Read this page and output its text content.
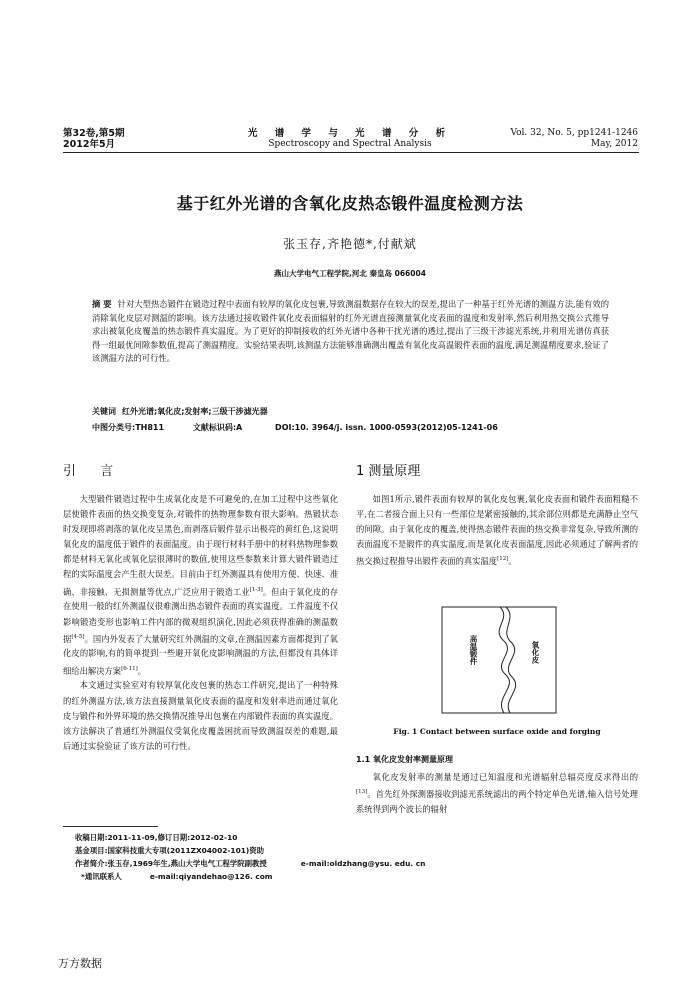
第32卷,第5期
2012年5月
光 谱 学 与 光 谱 分 析
Spectroscopy and Spectral Analysis
Vol. 32, No. 5, pp1241-1246
May, 2012
基于红外光谱的含氧化皮热态锻件温度检测方法
张玉存,齐艳德*,付献斌
燕山大学电气工程学院,河北 秦皇岛 066004
摘 要 针对大型热态锻件在锻造过程中表面有较厚的氧化皮包裹,导致测温数据存在较大的误差,提出了一种基于红外光谱的测温方法,能有效的消除氧化皮层对测温的影响。该方法通过接收锻件氧化皮表面辐射的红外光谱直接测量氧化皮表面的温度和发射率,然后利用热交换公式推导求出被氧化皮覆盖的热态锻件真实温度。为了更好的抑制接收的红外光谱中各种干扰光谱的透过,提出了三级干涉滤光系统,并利用光谱仿真获得一组最优间隙参数值,提高了测温精度。实验结果表明,该测温方法能够准确测出覆盖有氧化皮高温锻件表面的温度,满足测温精度要求,验证了该测温方法的可行性。
关键词 红外光谱;氧化皮;发射率;三级干涉滤光器
中图分类号:TH811	文献标识码:A	DOI:10. 3964/j. issn. 1000-0593(2012)05-1241-06
引 言	1 测量原理

大型锻件锻造过程中生成氧化皮是不可避免的,在加工过程中这些氧化层使锻件表面的热交换变复杂,对锻件的热物理参数有很大影响。热锻状态时发现即将剥落的氧化皮呈黑色,而剥落后锻件显示出极亮的黄红色,这说明氧化皮的温度低于锻件的表面温度。由于现行材料手册中的材料热物理参数都是材料无氧化或氧化层很薄时的数值,使用这些参数来计算大锻件锻造过程的实际温度会产生很大误差。目前由于红外测温具有使用方便、快速、准确、非接触、无损测量等优点,广泛应用于锻造工业[1-3]。但由于氧化皮的存在使用一般的红外测温仪很难测出热态锻件表面的真实温度。工件温度不仅影响锻造变形也影响工件内部的微观组织演化,因此必须获得准确的测温数据[4-5]。国内外发表了大量研究红外测温的文章,在测温因素方面都提到了氧化皮的影响,有的简单提到一些避开氧化皮影响测温的方法,但都没有具体详细给出解决方案[6-11]。

本文通过实验室对有较厚氧化皮包裹的热态工件研究,提出了一种特殊的红外测温方法,该方法直接测量氧化皮表面的温度和发射率进而通过氧化皮与锻件和外界环境的热交换情况推导出包裹在内部锻件表面的真实温度。该方法解决了普通红外测温仪受氧化皮覆盖困扰而导致测温误差的难题,最后通过实验验证了该方法的可行性。

如图1所示,锻件表面有较厚的氧化皮包裹,氧化皮表面和锻件表面粗糙不平,在二者接合面上只有一些部位是紧密接触的,其余部位则都是充满静止空气的间隙。由于氧化皮的覆盖,使得热态锻件表面的热交换非常复杂,导致所测的表面温度不是锻件的真实温度,而是氧化皮表面温度,因此必须通过了解两者的热交换过程推导出锻件表面的真实温度[12]。

高温锻件	氧化皮
Fig. 1 Contact between surface oxide and forging
1.1 氧化皮发射率测量原理

氧化皮发射率的测量是通过已知温度和光谱辐射总辐亮度反求得出的[13]。首先红外探测器接收到滤光系统滤出的两个特定单色光谱,输入信号处理系统得到两个波长的辐射

收稿日期:2011-11-09,修订日期:2012-02-10
基金项目:国家科技重大专项(2011ZX04002-101)资助
作者简介:张玉存,1969年生,燕山大学电气工程学院副教授	e-mail:oldzhang@ysu. edu. cn
*通讯联系人	e-mail:qiyandehao@126. com
万方数据
